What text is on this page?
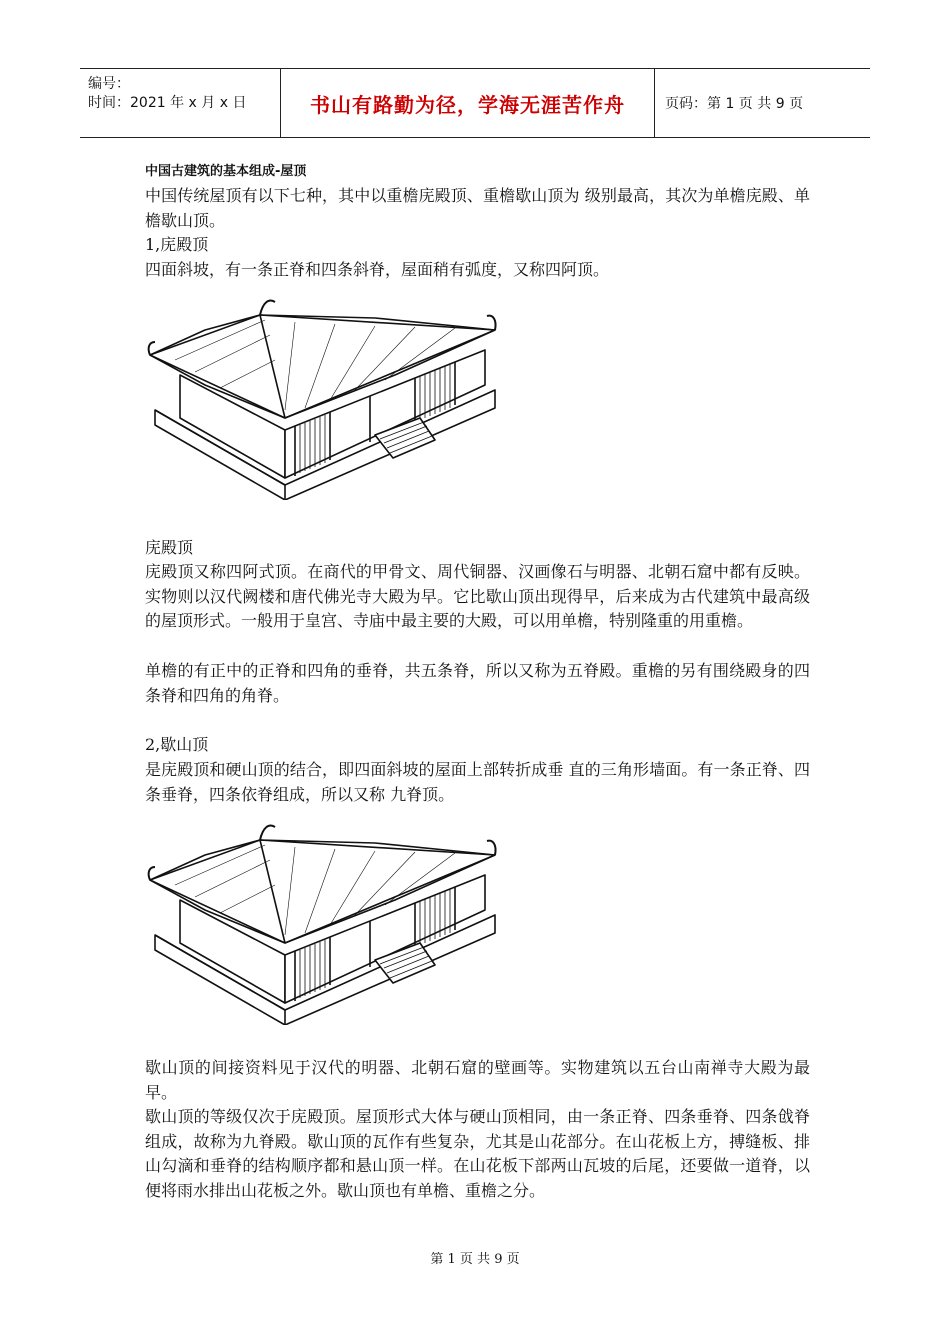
编号：
时间：2021 年 x 月 x 日	书山有路勤为径，学海无涯苦作舟	页码：第 1 页 共 9 页
中国古建筑的基本组成-屋顶
中国传统屋顶有以下七种，其中以重檐庑殿顶、重檐歇山顶为 级别最高，其次为单檐庑殿、单檐歇山顶。
1,庑殿顶
四面斜坡，有一条正脊和四条斜脊，屋面稍有弧度，又称四阿顶。
庑殿顶
庑殿顶又称四阿式顶。在商代的甲骨文、周代铜器、汉画像石与明器、北朝石窟中都有反映。实物则以汉代阙楼和唐代佛光寺大殿为早。它比歇山顶出现得早，后来成为古代建筑中最高级的屋顶形式。一般用于皇宫、寺庙中最主要的大殿，可以用单檐，特别隆重的用重檐。
单檐的有正中的正脊和四角的垂脊，共五条脊，所以又称为五脊殿。重檐的另有围绕殿身的四条脊和四角的角脊。
2,歇山顶
是庑殿顶和硬山顶的结合，即四面斜坡的屋面上部转折成垂 直的三角形墙面。有一条正脊、四条垂脊，四条依脊组成，所以又称 九脊顶。
歇山顶的间接资料见于汉代的明器、北朝石窟的壁画等。实物建筑以五台山南禅寺大殿为最早。
歇山顶的等级仅次于庑殿顶。屋顶形式大体与硬山顶相同，由一条正脊、四条垂脊、四条戗脊组成，故称为九脊殿。歇山顶的瓦作有些复杂，尤其是山花部分。在山花板上方，搏缝板、排山勾滴和垂脊的结构顺序都和悬山顶一样。在山花板下部两山瓦坡的后尾，还要做一道脊，以便将雨水排出山花板之外。歇山顶也有单檐、重檐之分。
第 1 页 共 9 页
